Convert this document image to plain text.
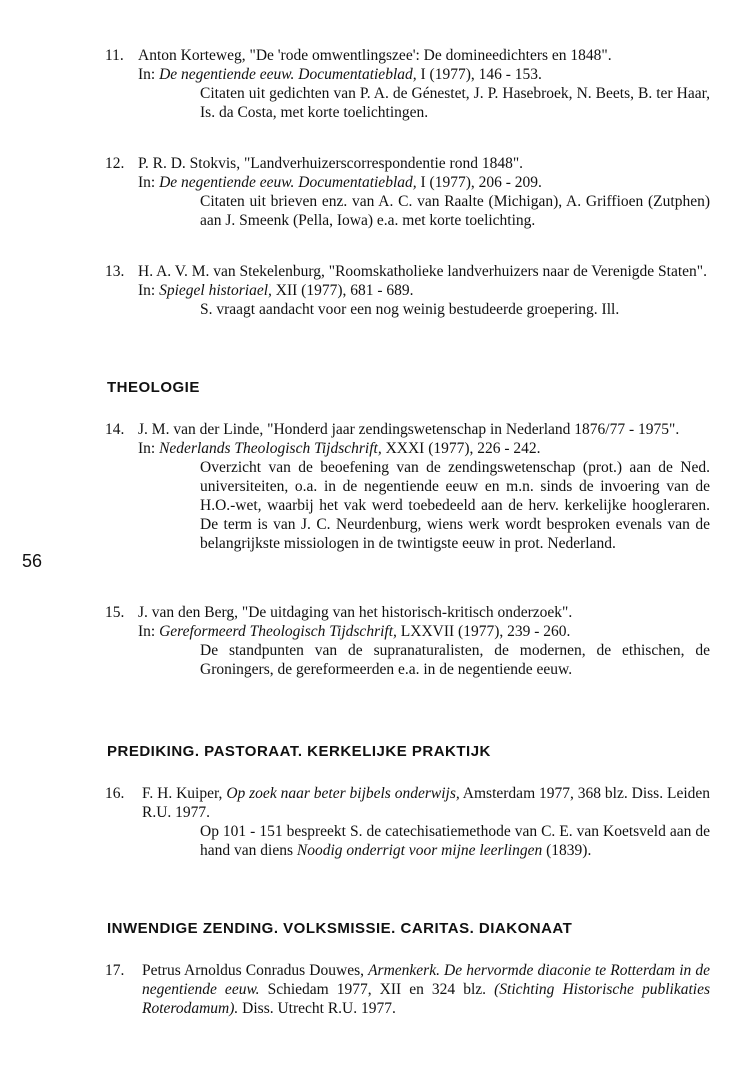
56
11. Anton Korteweg, "De 'rode omwentlingszee': De domineedichters en 1848".
In: De negentiende eeuw. Documentatieblad, I (1977), 146 - 153.
Citaten uit gedichten van P. A. de Génestet, J. P. Hasebroek, N. Beets, B. ter Haar, Is. da Costa, met korte toelichtingen.
12. P. R. D. Stokvis, "Landverhuizerscorrespondentie rond 1848".
In: De negentiende eeuw. Documentatieblad, I (1977), 206 - 209.
Citaten uit brieven enz. van A. C. van Raalte (Michigan), A. Griffioen (Zutphen) aan J. Smeenk (Pella, Iowa) e.a. met korte toelichting.
13. H. A. V. M. van Stekelenburg, "Roomskatholieke landverhuizers naar de Verenigde Staten".
In: Spiegel historiael, XII (1977), 681 - 689.
S. vraagt aandacht voor een nog weinig bestudeerde groepering. Ill.
THEOLOGIE
14. J. M. van der Linde, "Honderd jaar zendingswetenschap in Nederland 1876/77 - 1975".
In: Nederlands Theologisch Tijdschrift, XXXI (1977), 226 - 242.
Overzicht van de beoefening van de zendingswetenschap (prot.) aan de Ned. universiteiten, o.a. in de negentiende eeuw en m.n. sinds de invoering van de H.O.-wet, waarbij het vak werd toebedeeld aan de herv. kerkelijke hoogleraren. De term is van J. C. Neurdenburg, wiens werk wordt besproken evenals van de belangrijkste missiologen in de twintigste eeuw in prot. Nederland.
15. J. van den Berg, "De uitdaging van het historisch-kritisch onderzoek".
In: Gereformeerd Theologisch Tijdschrift, LXXVII (1977), 239 - 260.
De standpunten van de supranaturalisten, de modernen, de ethischen, de Groningers, de gereformeerden e.a. in de negentiende eeuw.
PREDIKING. PASTORAAT. KERKELIJKE PRAKTIJK
16. F. H. Kuiper, Op zoek naar beter bijbels onderwijs, Amsterdam 1977, 368 blz. Diss. Leiden R.U. 1977.
Op 101 - 151 bespreekt S. de catechisatiemethode van C. E. van Koetsveld aan de hand van diens Noodig onderrigt voor mijne leerlingen (1839).
INWENDIGE ZENDING. VOLKSMISSIE. CARITAS. DIAKONAAT
17. Petrus Arnoldus Conradus Douwes, Armenkerk. De hervormde diaconie te Rotterdam in de negentiende eeuw. Schiedam 1977, XII en 324 blz. (Stichting Historische publikaties Roterodamum). Diss. Utrecht R.U. 1977.
